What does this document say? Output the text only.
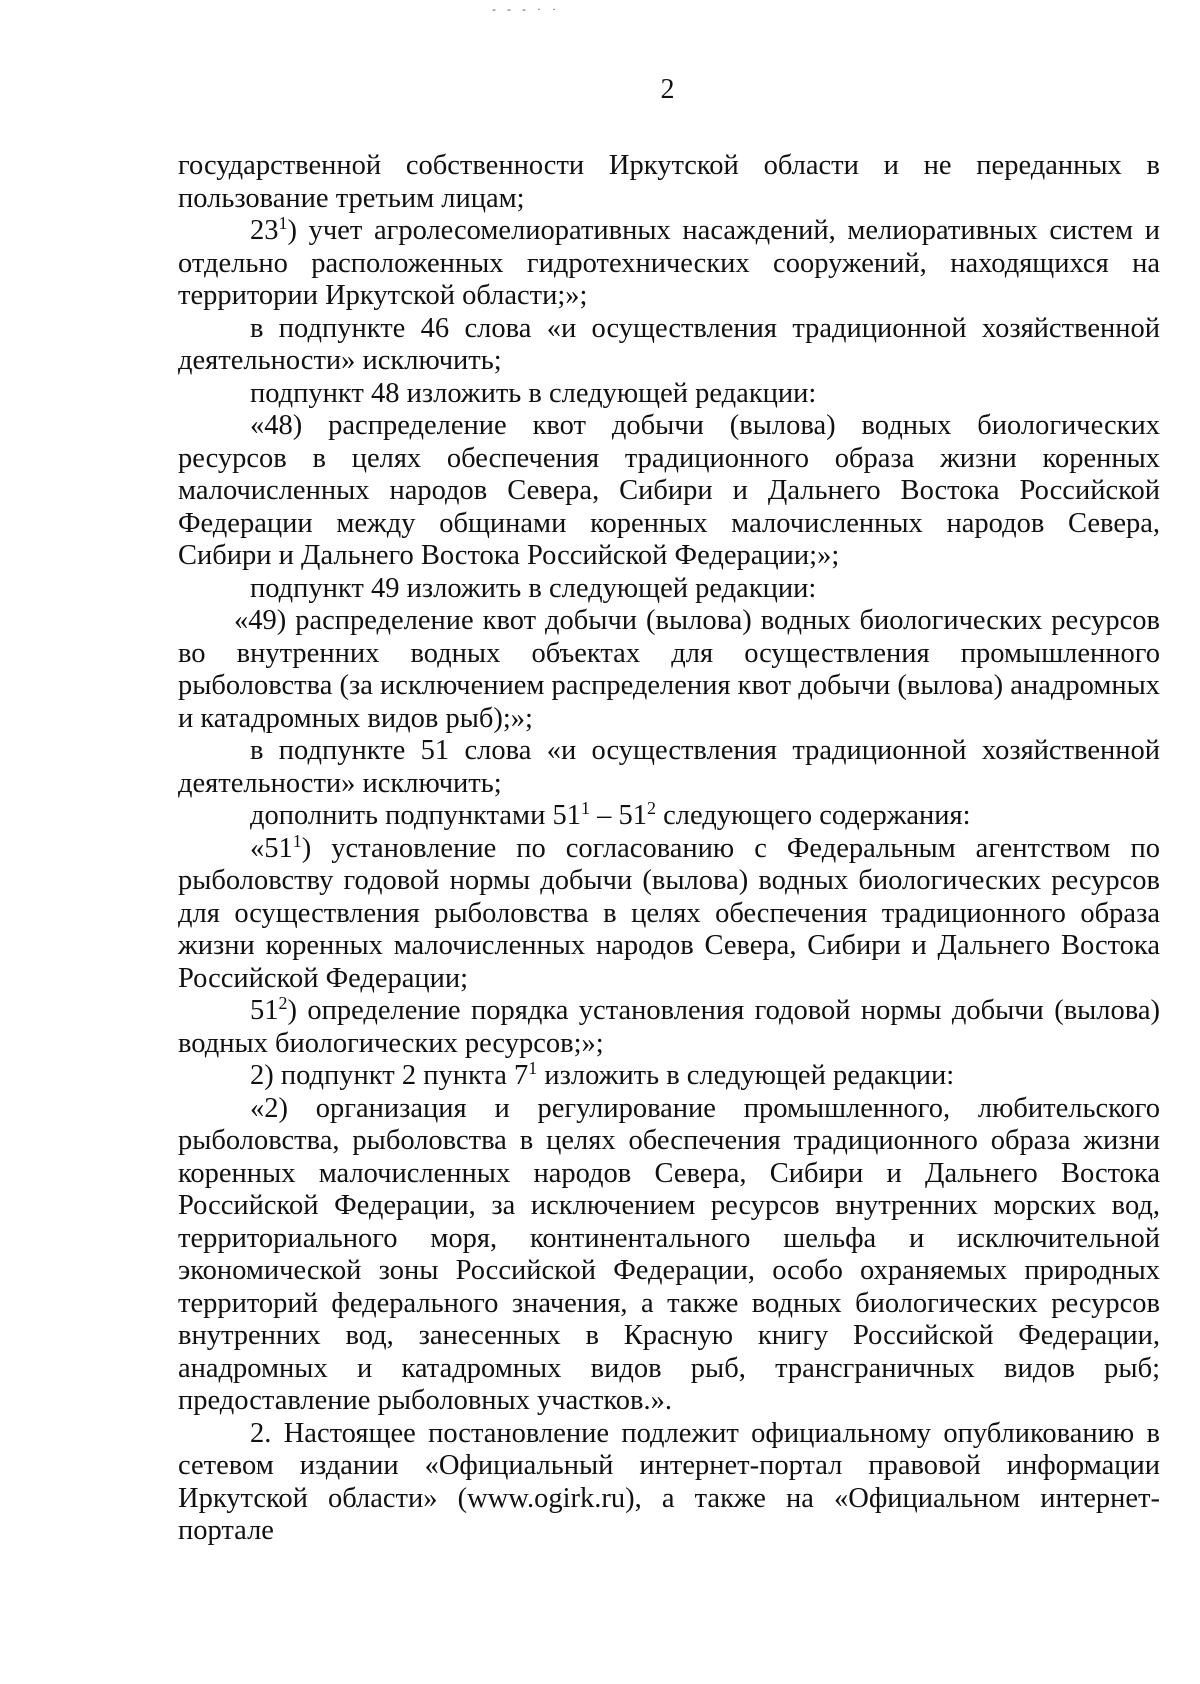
- - - · ·
2

государственной собственности Иркутской области и не переданных в пользование третьим лицам;

$23^1$) учет агролесомелиоративных насаждений, мелиоративных систем и отдельно расположенных гидротехнических сооружений, находящихся на территории Иркутской области;»;

в подпункте 46 слова «и осуществления традиционной хозяйственной деятельности» исключить;

подпункт 48 изложить в следующей редакции:

«48) распределение квот добычи (вылова) водных биологических ресурсов в целях обеспечения традиционного образа жизни коренных малочисленных народов Севера, Сибири и Дальнего Востока Российской Федерации между общинами коренных малочисленных народов Севера, Сибири и Дальнего Востока Российской Федерации;»;

подпункт 49 изложить в следующей редакции:

«49) распределение квот добычи (вылова) водных биологических ресурсов во внутренних водных объектах для осуществления промышленного рыболовства (за исключением распределения квот добычи (вылова) анадромных и катадромных видов рыб);»;

в подпункте 51 слова «и осуществления традиционной хозяйственной деятельности» исключить;

дополнить подпунктами $51^1 - 51^2$ следующего содержания:

«$51^1$) установление по согласованию с Федеральным агентством по рыболовству годовой нормы добычи (вылова) водных биологических ресурсов для осуществления рыболовства в целях обеспечения традиционного образа жизни коренных малочисленных народов Севера, Сибири и Дальнего Востока Российской Федерации;

$51^2$) определение порядка установления годовой нормы добычи (вылова) водных биологических ресурсов;»;

2) подпункт 2 пункта $7^1$ изложить в следующей редакции:

«2) организация и регулирование промышленного, любительского рыболовства, рыболовства в целях обеспечения традиционного образа жизни коренных малочисленных народов Севера, Сибири и Дальнего Востока Российской Федерации, за исключением ресурсов внутренних морских вод, территориального моря, континентального шельфа и исключительной экономической зоны Российской Федерации, особо охраняемых природных территорий федерального значения, а также водных биологических ресурсов внутренних вод, занесенных в Красную книгу Российской Федерации, анадромных и катадромных видов рыб, трансграничных видов рыб; предоставление рыболовных участков.».

2. Настоящее постановление подлежит официальному опубликованию в сетевом издании «Официальный интернет-портал правовой информации Иркутской области» (www.ogirk.ru), а также на «Официальном интернет-портале
